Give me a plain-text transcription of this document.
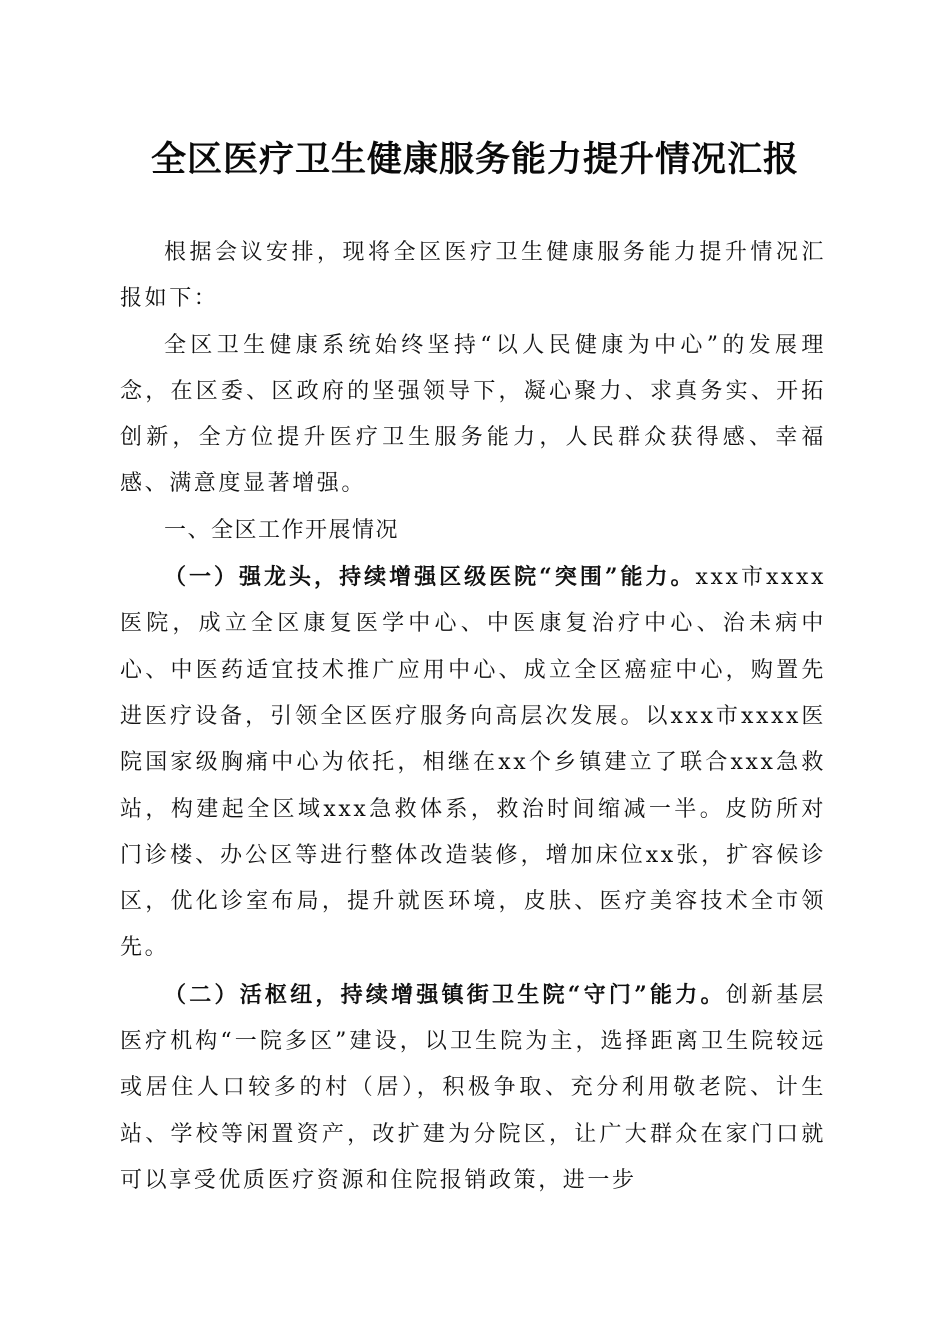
全区医疗卫生健康服务能力提升情况汇报

根据会议安排，现将全区医疗卫生健康服务能力提升情况汇报如下：

全区卫生健康系统始终坚持“以人民健康为中心”的发展理念，在区委、区政府的坚强领导下，凝心聚力、求真务实、开拓创新，全方位提升医疗卫生服务能力，人民群众获得感、幸福感、满意度显著增强。

一、全区工作开展情况

（一）强龙头，持续增强区级医院“突围”能力。xxx市xxxx医院，成立全区康复医学中心、中医康复治疗中心、治未病中心、中医药适宜技术推广应用中心、成立全区癌症中心，购置先进医疗设备，引领全区医疗服务向高层次发展。以xxx市xxxx医院国家级胸痛中心为依托，相继在xx个乡镇建立了联合xxx急救站，构建起全区域xxx急救体系，救治时间缩减一半。皮防所对门诊楼、办公区等进行整体改造装修，增加床位xx张，扩容候诊区，优化诊室布局，提升就医环境，皮肤、医疗美容技术全市领先。

（二）活枢纽，持续增强镇街卫生院“守门”能力。创新基层医疗机构“一院多区”建设，以卫生院为主，选择距离卫生院较远或居住人口较多的村（居），积极争取、充分利用敬老院、计生站、学校等闲置资产，改扩建为分院区，让广大群众在家门口就可以享受优质医疗资源和住院报销政策，进一步
